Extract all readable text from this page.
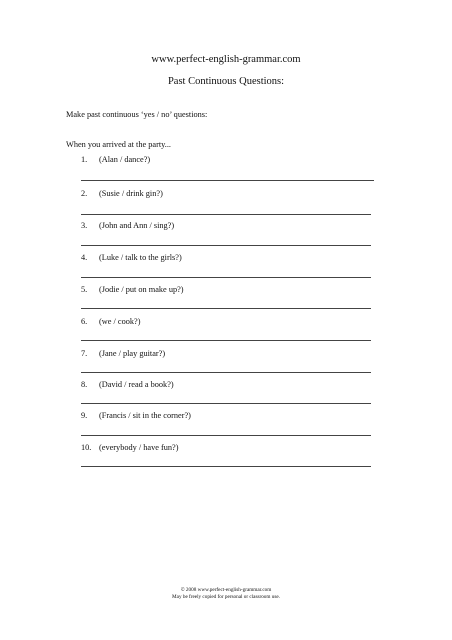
www.perfect-english-grammar.com
Past Continuous Questions:
Make past continuous ‘yes / no’ questions:
When you arrived at the party...
1. (Alan / dance?)
2. (Susie / drink gin?)
3. (John and Ann / sing?)
4. (Luke / talk to the girls?)
5. (Jodie / put on make up?)
6. (we / cook?)
7. (Jane / play guitar?)
8. (David / read a book?)
9. (Francis / sit in the corner?)
10. (everybody / have fun?)
© 2008 www.perfect-english-grammar.com
May be freely copied for personal or classroom use.
